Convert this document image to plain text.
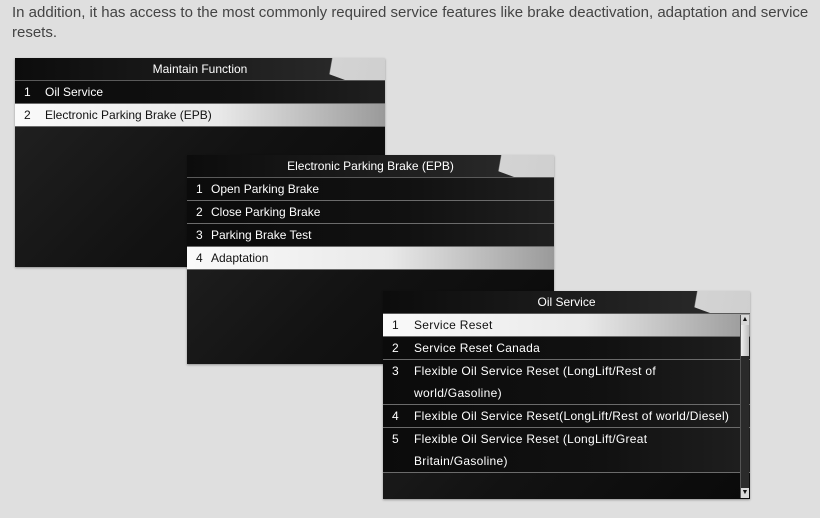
In addition, it has access to the most commonly required service features like brake deactivation, adaptation and service resets.

Maintain Function
1	Oil Service
2	Electronic Parking Brake (EPB)
Electronic Parking Brake (EPB)
1 Open Parking Brake
2 Close Parking Brake
3 Parking Brake Test
4 Adaptation
Oil Service
1	Service Reset
2	Service Reset Canada
3	Flexible Oil Service Reset (LongLift/Rest of world/Gasoline)
4	Flexible Oil Service Reset(LongLift/Rest of world/Diesel)
5	Flexible Oil Service Reset (LongLift/Great Britain/Gasoline)
▲
▼
